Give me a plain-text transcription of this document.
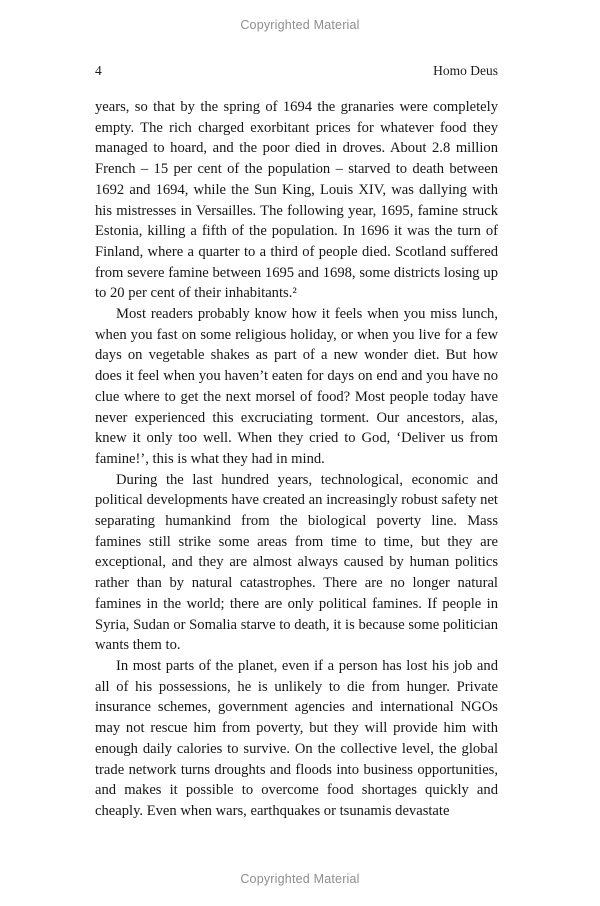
Copyrighted Material
4	Homo Deus

years, so that by the spring of 1694 the granaries were completely empty. The rich charged exorbitant prices for whatever food they managed to hoard, and the poor died in droves. About 2.8 million French – 15 per cent of the population – starved to death between 1692 and 1694, while the Sun King, Louis XIV, was dallying with his mistresses in Versailles. The following year, 1695, famine struck Estonia, killing a fifth of the population. In 1696 it was the turn of Finland, where a quarter to a third of people died. Scotland suffered from severe famine between 1695 and 1698, some districts losing up to 20 per cent of their inhabitants.²

Most readers probably know how it feels when you miss lunch, when you fast on some religious holiday, or when you live for a few days on vegetable shakes as part of a new wonder diet. But how does it feel when you haven’t eaten for days on end and you have no clue where to get the next morsel of food? Most people today have never experienced this excruciating torment. Our ancestors, alas, knew it only too well. When they cried to God, ‘Deliver us from famine!’, this is what they had in mind.

During the last hundred years, technological, economic and political developments have created an increasingly robust safety net separating humankind from the biological poverty line. Mass famines still strike some areas from time to time, but they are exceptional, and they are almost always caused by human politics rather than by natural catastrophes. There are no longer natural famines in the world; there are only political famines. If people in Syria, Sudan or Somalia starve to death, it is because some politician wants them to.

In most parts of the planet, even if a person has lost his job and all of his possessions, he is unlikely to die from hunger. Private insurance schemes, government agencies and international NGOs may not rescue him from poverty, but they will provide him with enough daily calories to survive. On the collective level, the global trade network turns droughts and floods into business opportunities, and makes it possible to overcome food shortages quickly and cheaply. Even when wars, earthquakes or tsunamis devastate

Copyrighted Material
